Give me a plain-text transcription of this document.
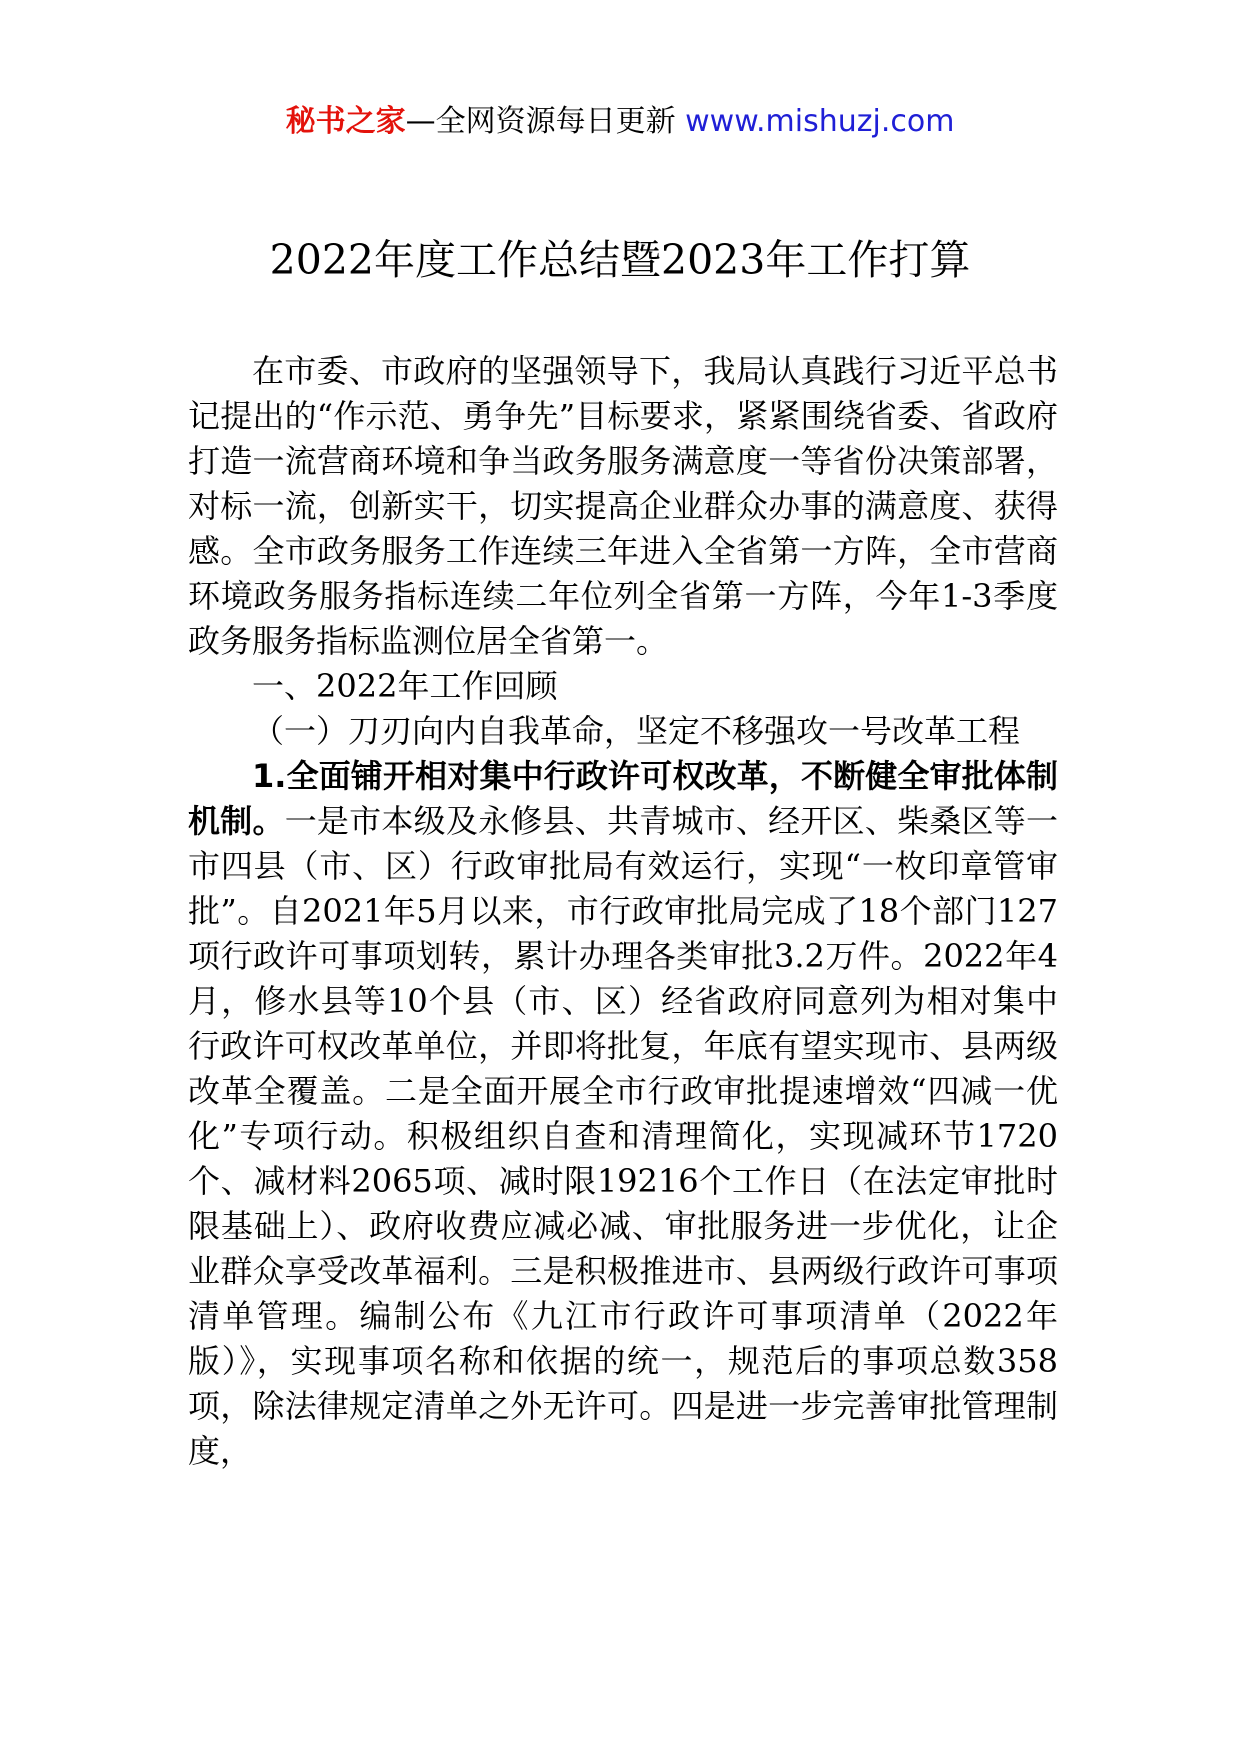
秘书之家—全网资源每日更新 www.mishuzj.com
2022年度工作总结暨2023年工作打算

在市委、市政府的坚强领导下，我局认真践行习近平总书记提出的“作示范、勇争先”目标要求，紧紧围绕省委、省政府打造一流营商环境和争当政务服务满意度一等省份决策部署，对标一流，创新实干，切实提高企业群众办事的满意度、获得感。全市政务服务工作连续三年进入全省第一方阵，全市营商环境政务服务指标连续二年位列全省第一方阵，今年1-3季度政务服务指标监测位居全省第一。

一、2022年工作回顾

（一）刀刃向内自我革命，坚定不移强攻一号改革工程

1.全面铺开相对集中行政许可权改革，不断健全审批体制机制。一是市本级及永修县、共青城市、经开区、柴桑区等一市四县（市、区）行政审批局有效运行，实现“一枚印章管审批”。自2021年5月以来，市行政审批局完成了18个部门127项行政许可事项划转，累计办理各类审批3.2万件。2022年4月，修水县等10个县（市、区）经省政府同意列为相对集中行政许可权改革单位，并即将批复，年底有望实现市、县两级改革全覆盖。二是全面开展全市行政审批提速增效“四减一优化”专项行动。积极组织自查和清理简化，实现减环节1720个、减材料2065项、减时限19216个工作日（在法定审批时限基础上）、政府收费应减必减、审批服务进一步优化，让企业群众享受改革福利。三是积极推进市、县两级行政许可事项清单管理。编制公布《九江市行政许可事项清单（2022年版）》，实现事项名称和依据的统一，规范后的事项总数358项，除法律规定清单之外无许可。四是进一步完善审批管理制度，
